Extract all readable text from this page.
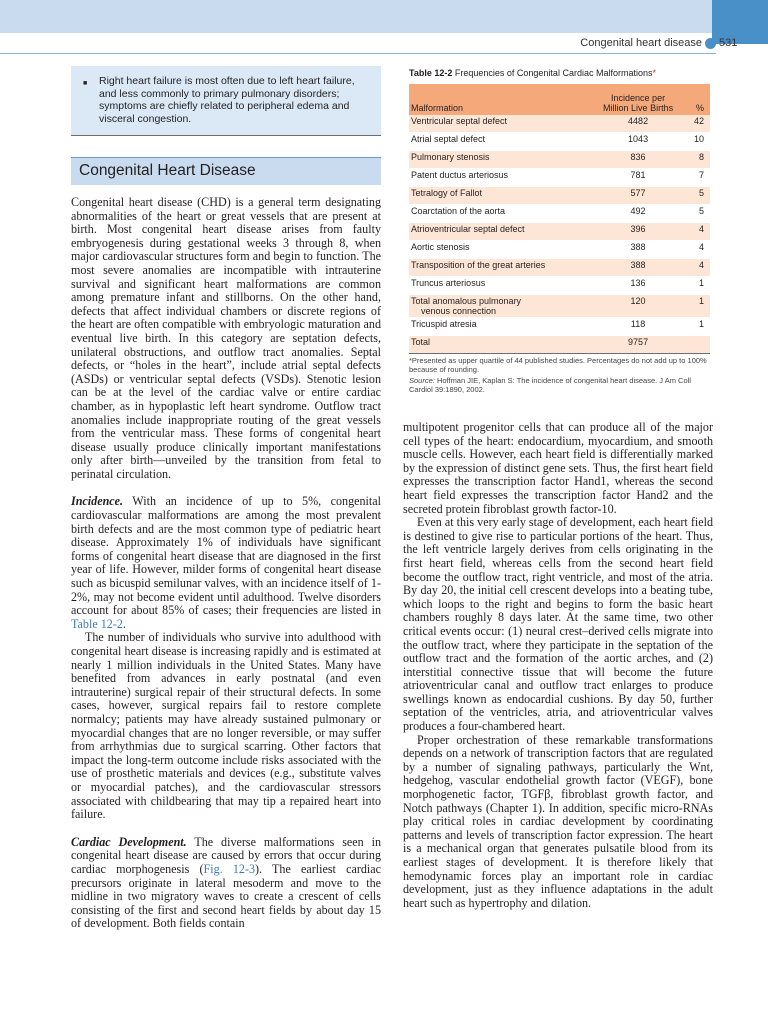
Congenital heart disease 531
■ Right heart failure is most often due to left heart failure, and less commonly to primary pulmonary disorders; symptoms are chiefly related to peripheral edema and visceral congestion.
Congenital Heart Disease

Congenital heart disease (CHD) is a general term designating abnormalities of the heart or great vessels that are present at birth. Most congenital heart disease arises from faulty embryogenesis during gestational weeks 3 through 8, when major cardiovascular structures form and begin to function. The most severe anomalies are incompatible with intrauterine survival and significant heart malformations are common among premature infant and stillborns. On the other hand, defects that affect individual chambers or discrete regions of the heart are often compatible with embryologic maturation and eventual live birth. In this category are septation defects, unilateral obstructions, and outflow tract anomalies. Septal defects, or “holes in the heart”, include atrial septal defects (ASDs) or ventricular septal defects (VSDs). Stenotic lesion can be at the level of the cardiac valve or entire cardiac chamber, as in hypoplastic left heart syndrome. Outflow tract anomalies include inappropriate routing of the great vessels from the ventricular mass. These forms of congenital heart disease usually produce clinically important manifestations only after birth—unveiled by the transition from fetal to perinatal circulation.

Incidence. With an incidence of up to 5%, congenital cardiovascular malformations are among the most prevalent birth defects and are the most common type of pediatric heart disease. Approximately 1% of individuals have significant forms of congenital heart disease that are diagnosed in the first year of life. However, milder forms of congenital heart disease such as bicuspid semilunar valves, with an incidence itself of 1-2%, may not become evident until adulthood. Twelve disorders account for about 85% of cases; their frequencies are listed in Table 12-2.

The number of individuals who survive into adulthood with congenital heart disease is increasing rapidly and is estimated at nearly 1 million individuals in the United States. Many have benefited from advances in early postnatal (and even intrauterine) surgical repair of their structural defects. In some cases, however, surgical repairs fail to restore complete normalcy; patients may have already sustained pulmonary or myocardial changes that are no longer reversible, or may suffer from arrhythmias due to surgical scarring. Other factors that impact the long-term outcome include risks associated with the use of prosthetic materials and devices (e.g., substitute valves or myocardial patches), and the cardiovascular stressors associated with childbearing that may tip a repaired heart into failure.

Cardiac Development. The diverse malformations seen in congenital heart disease are caused by errors that occur during cardiac morphogenesis (Fig. 12-3). The earliest cardiac precursors originate in lateral mesoderm and move to the midline in two migratory waves to create a crescent of cells consisting of the first and second heart fields by about day 15 of development. Both fields contain

Table 12-2 Frequencies of Congenital Cardiac Malformations*
Malformation	Incidence per
Million Live Births	%
Ventricular septal defect	4482	42
Atrial septal defect	1043	10
Pulmonary stenosis	836	8
Patent ductus arteriosus	781	7
Tetralogy of Fallot	577	5
Coarctation of the aorta	492	5
Atrioventricular septal defect	396	4
Aortic stenosis	388	4
Transposition of the great arteries	388	4
Truncus arteriosus	136	1
Total anomalous pulmonary
venous connection	120	1
Tricuspid atresia	118	1
Total	9757	
*Presented as upper quartile of 44 published studies. Percentages do not add up to 100% because of rounding.
Source: Hoffman JIE, Kaplan S: The incidence of congenital heart disease. J Am Coll Cardiol 39:1890, 2002.

multipotent progenitor cells that can produce all of the major cell types of the heart: endocardium, myocardium, and smooth muscle cells. However, each heart field is differentially marked by the expression of distinct gene sets. Thus, the first heart field expresses the transcription factor Hand1, whereas the second heart field expresses the transcription factor Hand2 and the secreted protein fibroblast growth factor-10.

Even at this very early stage of development, each heart field is destined to give rise to particular portions of the heart. Thus, the left ventricle largely derives from cells originating in the first heart field, whereas cells from the second heart field become the outflow tract, right ventricle, and most of the atria. By day 20, the initial cell crescent develops into a beating tube, which loops to the right and begins to form the basic heart chambers roughly 8 days later. At the same time, two other critical events occur: (1) neural crest–derived cells migrate into the outflow tract, where they participate in the septation of the outflow tract and the formation of the aortic arches, and (2) interstitial connective tissue that will become the future atrioventricular canal and outflow tract enlarges to produce swellings known as endocardial cushions. By day 50, further septation of the ventricles, atria, and atrioventricular valves produces a four-chambered heart.

Proper orchestration of these remarkable transformations depends on a network of transcription factors that are regulated by a number of signaling pathways, particularly the Wnt, hedgehog, vascular endothelial growth factor (VEGF), bone morphogenetic factor, TGFβ, fibroblast growth factor, and Notch pathways (Chapter 1). In addition, specific micro-RNAs play critical roles in cardiac development by coordinating patterns and levels of transcription factor expression. The heart is a mechanical organ that generates pulsatile blood from its earliest stages of development. It is therefore likely that hemodynamic forces play an important role in cardiac development, just as they influence adaptations in the adult heart such as hypertrophy and dilation.
